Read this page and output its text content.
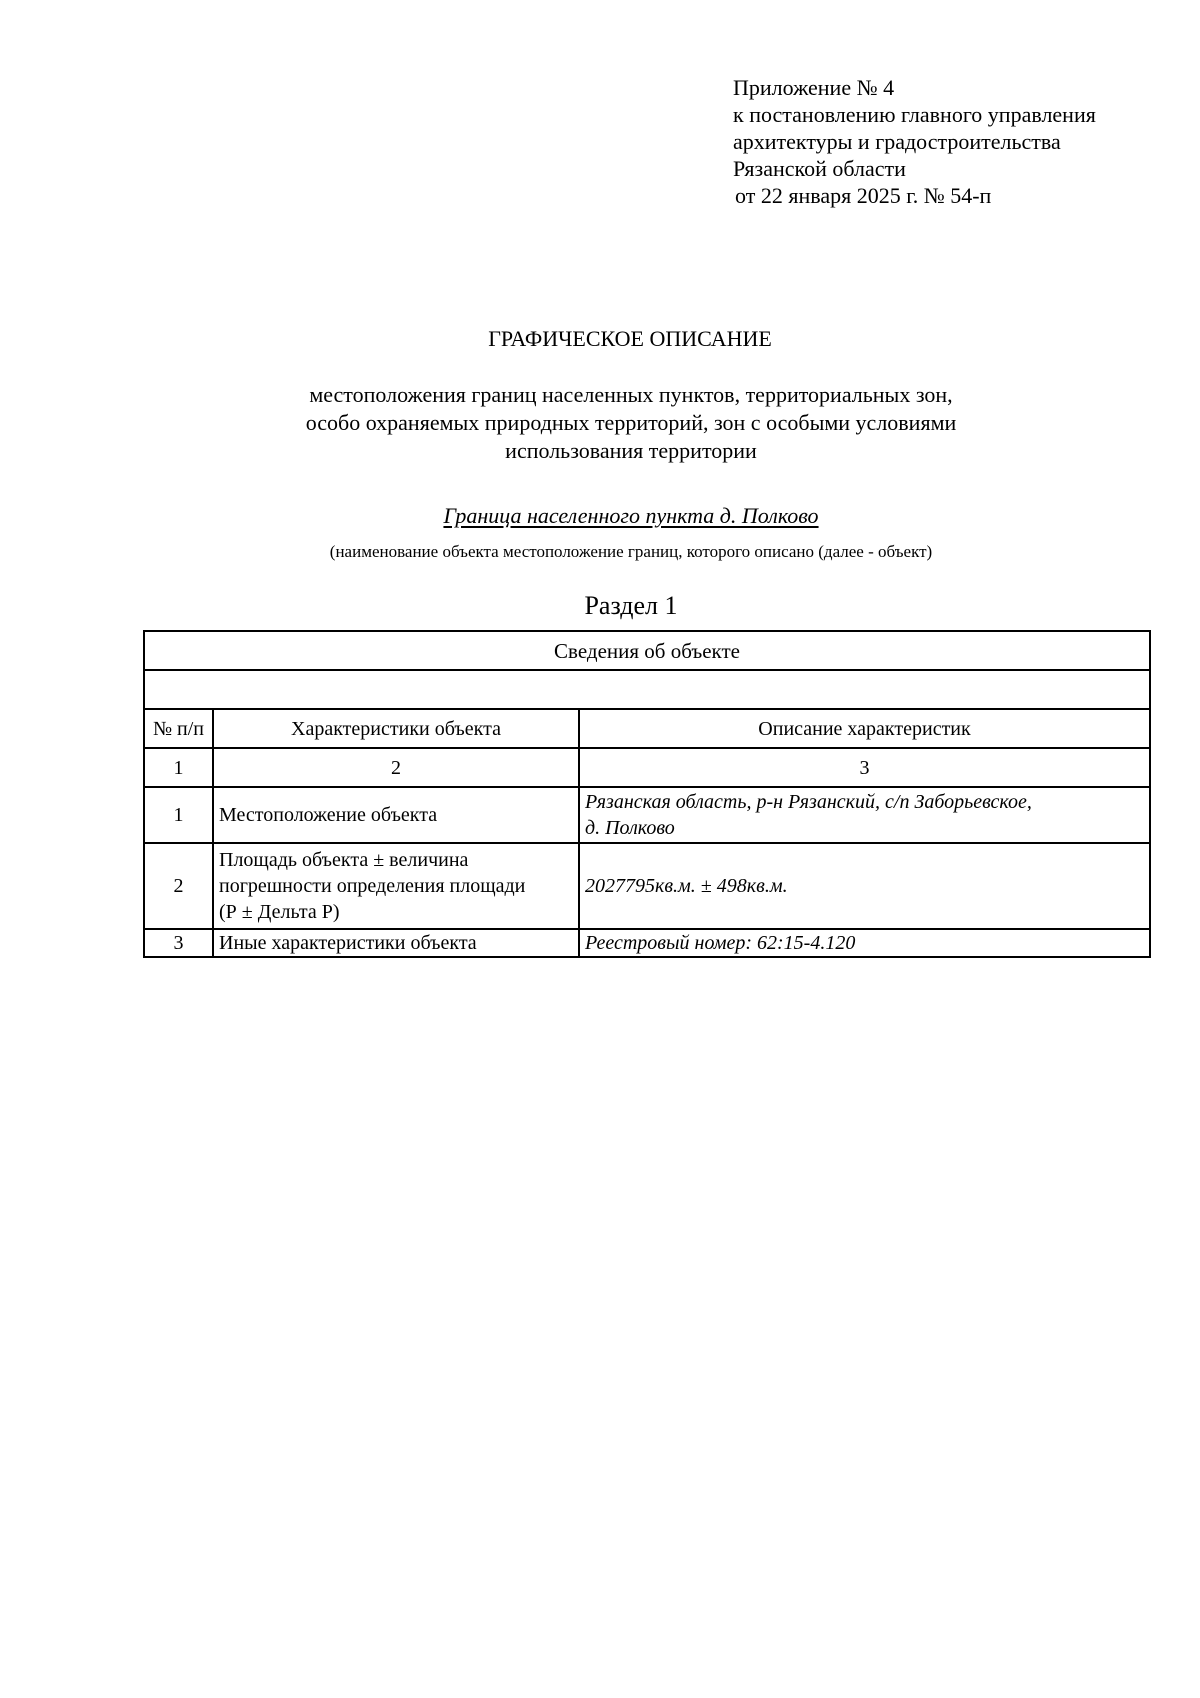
Приложение № 4
к постановлению главного управления
архитектуры и градостроительства
Рязанской области
от 22 января 2025 г. № 54-п
ГРАФИЧЕСКОЕ ОПИСАНИЕ
местоположения границ населенных пунктов, территориальных зон,
особо охраняемых природных территорий, зон с особыми условиями
использования территории
Граница населенного пункта д. Полково
(наименование объекта местоположение границ, которого описано (далее - объект)
Раздел 1
Сведения об объекте		

№ п/п	Характеристики объекта	Описание характеристик
1	2	3
1	Местоположение объекта	Рязанская область, р-н Рязанский, с/п Заборьевское,
д. Полково

2	Площадь объекта ± величина
погрешности определения площади
(Р ± Дельта Р)	2027795кв.м. ± 498кв.м.

3	Иные характеристики объекта	Реестровый номер: 62:15-4.120
